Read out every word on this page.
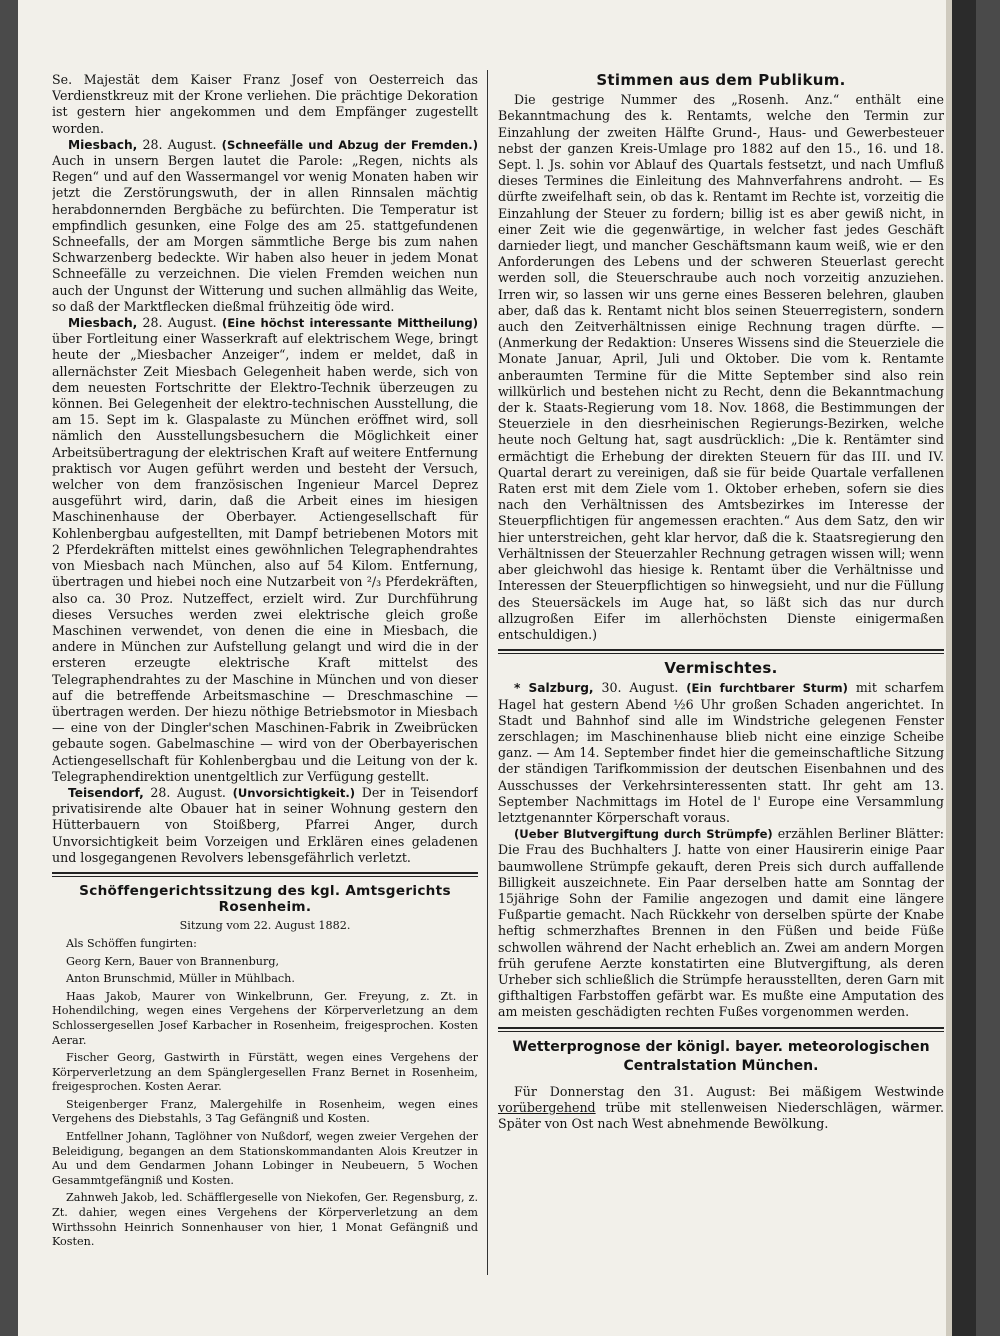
Se. Majestät dem Kaiser Franz Josef von Oesterreich das Verdienstkreuz mit der Krone verliehen. Die prächtige Dekoration ist gestern hier angekommen und dem Empfänger zugestellt worden.

Miesbach, 28. August. (Schneefälle und Abzug der Fremden.) Auch in unsern Bergen lautet die Parole: „Regen, nichts als Regen“ und auf den Wassermangel vor wenig Monaten haben wir jetzt die Zerstörungswuth, der in allen Rinnsalen mächtig herabdonnernden Bergbäche zu befürchten. Die Temperatur ist empfindlich gesunken, eine Folge des am 25. stattgefundenen Schneefalls, der am Morgen sämmtliche Berge bis zum nahen Schwarzenberg bedeckte. Wir haben also heuer in jedem Monat Schneefälle zu verzeichnen. Die vielen Fremden weichen nun auch der Ungunst der Witterung und suchen allmählig das Weite, so daß der Marktflecken dießmal frühzeitig öde wird.

Miesbach, 28. August. (Eine höchst interessante Mittheilung) über Fortleitung einer Wasserkraft auf elektrischem Wege, bringt heute der „Miesbacher Anzeiger“, indem er meldet, daß in allernächster Zeit Miesbach Gelegenheit haben werde, sich von dem neuesten Fortschritte der Elektro-Technik überzeugen zu können. Bei Gelegenheit der elektro-technischen Ausstellung, die am 15. Sept im k. Glaspalaste zu München eröffnet wird, soll nämlich den Ausstellungsbesuchern die Möglichkeit einer Arbeitsübertragung der elektrischen Kraft auf weitere Entfernung praktisch vor Augen geführt werden und besteht der Versuch, welcher von dem französischen Ingenieur Marcel Deprez ausgeführt wird, darin, daß die Arbeit eines im hiesigen Maschinenhause der Oberbayer. Actiengesellschaft für Kohlenbergbau aufgestellten, mit Dampf betriebenen Motors mit 2 Pferdekräften mittelst eines gewöhnlichen Telegraphendrahtes von Miesbach nach München, also auf 54 Kilom. Entfernung, übertragen und hiebei noch eine Nutzarbeit von ²/₃ Pferdekräften, also ca. 30 Proz. Nutzeffect, erzielt wird. Zur Durchführung dieses Versuches werden zwei elektrische gleich große Maschinen verwendet, von denen die eine in Miesbach, die andere in München zur Aufstellung gelangt und wird die in der ersteren erzeugte elektrische Kraft mittelst des Telegraphendrahtes zu der Maschine in München und von dieser auf die betreffende Arbeitsmaschine — Dreschmaschine — übertragen werden. Der hiezu nöthige Betriebsmotor in Miesbach — eine von der Dingler'schen Maschinen-Fabrik in Zweibrücken gebaute sogen. Gabelmaschine — wird von der Oberbayerischen Actiengesellschaft für Kohlenbergbau und die Leitung von der k. Telegraphendirektion unentgeltlich zur Verfügung gestellt.

Teisendorf, 28. August. (Unvorsichtigkeit.) Der in Teisendorf privatisirende alte Obauer hat in seiner Wohnung gestern den Hütterbauern von Stoißberg, Pfarrei Anger, durch Unvorsichtigkeit beim Vorzeigen und Erklären eines geladenen und losgegangenen Revolvers lebensgefährlich verletzt.

Schöffengerichtssitzung des kgl. Amtsgerichts Rosenheim.

Sitzung vom 22. August 1882.

Als Schöffen fungirten:

Georg Kern, Bauer von Brannenburg,

Anton Brunschmid, Müller in Mühlbach.

Haas Jakob, Maurer von Winkelbrunn, Ger. Freyung, z. Zt. in Hohendilching, wegen eines Vergehens der Körperverletzung an dem Schlossergesellen Josef Karbacher in Rosenheim, freigesprochen. Kosten Aerar.

Fischer Georg, Gastwirth in Fürstätt, wegen eines Vergehens der Körperverletzung an dem Spänglergesellen Franz Bernet in Rosenheim, freigesprochen. Kosten Aerar.

Steigenberger Franz, Malergehilfe in Rosenheim, wegen eines Vergehens des Diebstahls, 3 Tag Gefängniß und Kosten.

Entfellner Johann, Taglöhner von Nußdorf, wegen zweier Vergehen der Beleidigung, begangen an dem Stationskommandanten Alois Kreutzer in Au und dem Gendarmen Johann Lobinger in Neubeuern, 5 Wochen Gesammtgefängniß und Kosten.

Zahnweh Jakob, led. Schäfflergeselle von Niekofen, Ger. Regensburg, z. Zt. dahier, wegen eines Vergehens der Körperverletzung an dem Wirthssohn Heinrich Sonnenhauser von hier, 1 Monat Gefängniß und Kosten.

Stimmen aus dem Publikum.

Die gestrige Nummer des „Rosenh. Anz.“ enthält eine Bekanntmachung des k. Rentamts, welche den Termin zur Einzahlung der zweiten Hälfte Grund-, Haus- und Gewerbesteuer nebst der ganzen Kreis-Umlage pro 1882 auf den 15., 16. und 18. Sept. l. Js. sohin vor Ablauf des Quartals festsetzt, und nach Umfluß dieses Termines die Einleitung des Mahnverfahrens androht. — Es dürfte zweifelhaft sein, ob das k. Rentamt im Rechte ist, vorzeitig die Einzahlung der Steuer zu fordern; billig ist es aber gewiß nicht, in einer Zeit wie die gegenwärtige, in welcher fast jedes Geschäft darnieder liegt, und mancher Geschäftsmann kaum weiß, wie er den Anforderungen des Lebens und der schweren Steuerlast gerecht werden soll, die Steuerschraube auch noch vorzeitig anzuziehen. Irren wir, so lassen wir uns gerne eines Besseren belehren, glauben aber, daß das k. Rentamt nicht blos seinen Steuerregistern, sondern auch den Zeitverhältnissen einige Rechnung tragen dürfte. — (Anmerkung der Redaktion: Unseres Wissens sind die Steuerziele die Monate Januar, April, Juli und Oktober. Die vom k. Rentamte anberaumten Termine für die Mitte September sind also rein willkürlich und bestehen nicht zu Recht, denn die Bekanntmachung der k. Staats-Regierung vom 18. Nov. 1868, die Bestimmungen der Steuerziele in den diesrheinischen Regierungs-Bezirken, welche heute noch Geltung hat, sagt ausdrücklich: „Die k. Rentämter sind ermächtigt die Erhebung der direkten Steuern für das III. und IV. Quartal derart zu vereinigen, daß sie für beide Quartale verfallenen Raten erst mit dem Ziele vom 1. Oktober erheben, sofern sie dies nach den Verhältnissen des Amtsbezirkes im Interesse der Steuerpflichtigen für angemessen erachten.“ Aus dem Satz, den wir hier unterstreichen, geht klar hervor, daß die k. Staatsregierung den Verhältnissen der Steuerzahler Rechnung getragen wissen will; wenn aber gleichwohl das hiesige k. Rentamt über die Verhältnisse und Interessen der Steuerpflichtigen so hinwegsieht, und nur die Füllung des Steuersäckels im Auge hat, so läßt sich das nur durch allzugroßen Eifer im allerhöchsten Dienste einigermaßen entschuldigen.)

Vermischtes.

* Salzburg, 30. August. (Ein furchtbarer Sturm) mit scharfem Hagel hat gestern Abend ½6 Uhr großen Schaden angerichtet. In Stadt und Bahnhof sind alle im Windstriche gelegenen Fenster zerschlagen; im Maschinenhause blieb nicht eine einzige Scheibe ganz. — Am 14. September findet hier die gemeinschaftliche Sitzung der ständigen Tarifkommission der deutschen Eisenbahnen und des Ausschusses der Verkehrsinteressenten statt. Ihr geht am 13. September Nachmittags im Hotel de l' Europe eine Versammlung letztgenannter Körperschaft voraus.

(Ueber Blutvergiftung durch Strümpfe) erzählen Berliner Blätter: Die Frau des Buchhalters J. hatte von einer Hausirerin einige Paar baumwollene Strümpfe gekauft, deren Preis sich durch auffallende Billigkeit auszeichnete. Ein Paar derselben hatte am Sonntag der 15jährige Sohn der Familie angezogen und damit eine längere Fußpartie gemacht. Nach Rückkehr von derselben spürte der Knabe heftig schmerzhaftes Brennen in den Füßen und beide Füße schwollen während der Nacht erheblich an. Zwei am andern Morgen früh gerufene Aerzte konstatirten eine Blutvergiftung, als deren Urheber sich schließlich die Strümpfe herausstellten, deren Garn mit gifthaltigen Farbstoffen gefärbt war. Es mußte eine Amputation des am meisten geschädigten rechten Fußes vorgenommen werden.

Wetterprognose der königl. bayer. meteorologischen
Centralstation München.

Für Donnerstag den 31. August: Bei mäßigem Westwinde vorübergehend trübe mit stellenweisen Niederschlägen, wärmer. Später von Ost nach West abnehmende Bewölkung.
